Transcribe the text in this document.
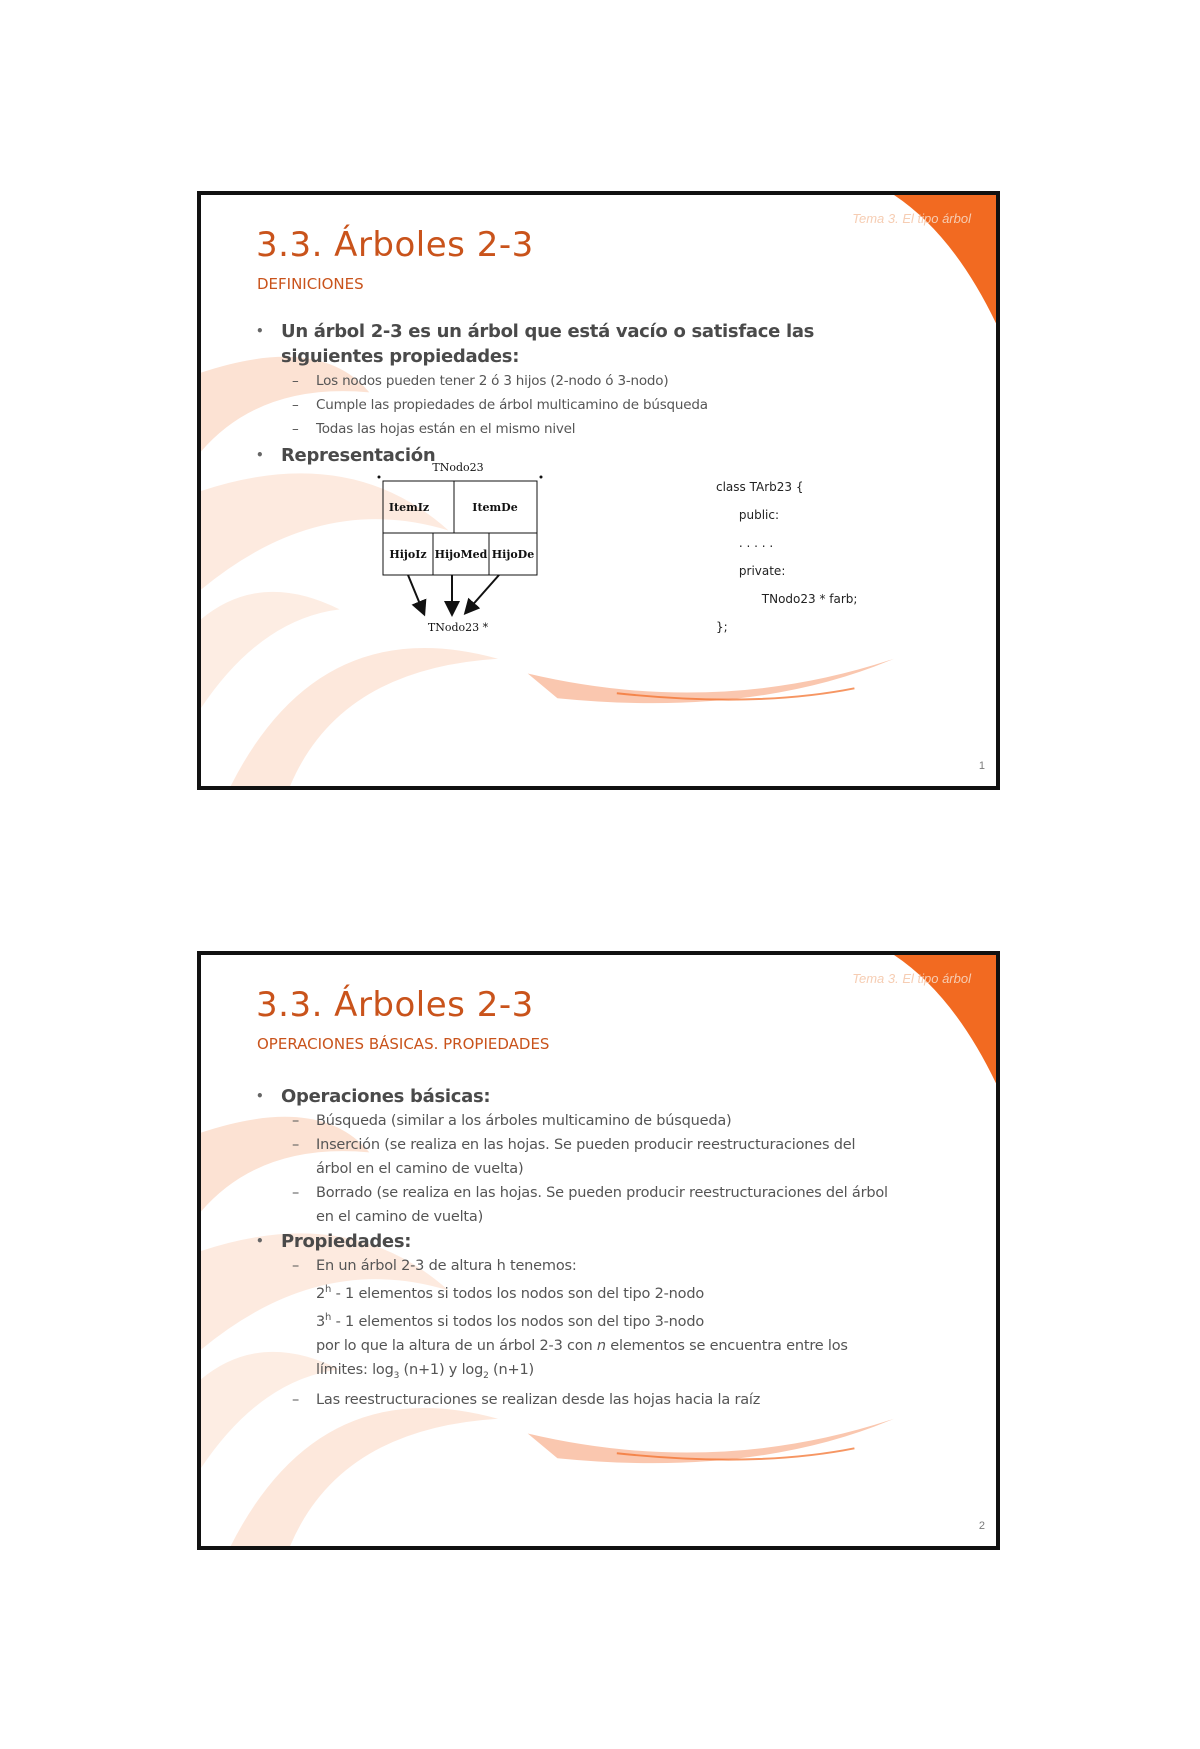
Tema 3. El tipo árbol
3.3. Árboles 2-3
DEFINICIONES
• Un árbol 2-3 es un árbol que está vacío o satisface las siguientes propiedades:
– Los nodos pueden tener 2 ó 3 hijos (2-nodo ó 3-nodo)
– Cumple las propiedades de árbol multicamino de búsqueda
– Todas las hojas están en el mismo nivel
• Representación
TNodo23
ItemIz	ItemDe
HijoIz HijoMed HijoDe
TNodo23 *
class TArb23 {
public:
. . . . .
private:
TNodo23 * farb;
};
1
Tema 3. El tipo árbol
3.3. Árboles 2-3
OPERACIONES BÁSICAS. PROPIEDADES
• Operaciones básicas:
– Búsqueda (similar a los árboles multicamino de búsqueda)
– Inserción (se realiza en las hojas. Se pueden producir reestructuraciones del árbol en el camino de vuelta)
– Borrado (se realiza en las hojas. Se pueden producir reestructuraciones del árbol en el camino de vuelta)
• Propiedades:
– En un árbol 2-3 de altura h tenemos:
2$^h$ - 1 elementos si todos los nodos son del tipo 2-nodo
3$^h$ - 1 elementos si todos los nodos son del tipo 3-nodo
por lo que la altura de un árbol 2-3 con n elementos se encuentra entre los límites: $\log_3 (n+1)$ y $\log_2 (n+1)$
– Las reestructuraciones se realizan desde las hojas hacia la raíz
2
